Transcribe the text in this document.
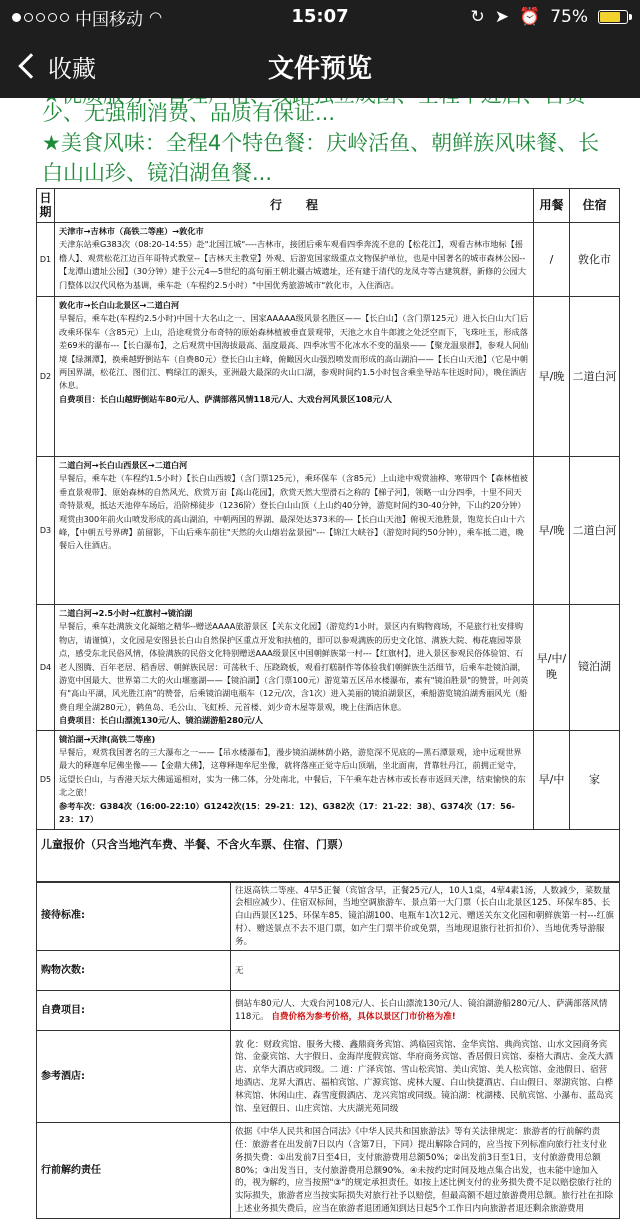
中国移动 ◠	15:07	↻ ➤ ⏰ 75%
收藏	文件预览
少、无强制消费、品质有保证...
★美食风味：全程4个特色餐：庆岭活鱼、朝鲜族风味餐、长白山山珍、镜泊湖鱼餐...
日期	行　　程	用餐	住宿
D1	天津市→吉林市（高铁二等座）→敦化市
天津东站乘G383次（08:20-14:55）赴"北国江城"----吉林市，接团后乘车观看四季奔流不息的【松花江】，观看吉林市地标【摇橹人】、观赏松花江边百年哥特式教堂--【吉林天主教堂】外观、后游览国家级重点文物保护单位，也是中国著名的城市森林公园--【龙潭山遗址公园】（30分钟）建于公元4—5世纪的高句丽王朝北疆古城遗址，还有建于清代的龙凤寺等古建筑群，新修的公园大门整体以汉代风格为基调，乘车赴（车程约2.5小时）"中国优秀旅游城市"敦化市，入住酒店。	/	敦化市
D2	敦化市→长白山北景区→二道白河
早餐后，乘车赴(车程约2.5小时)中国十大名山之一、国家AAAAA级风景名胜区——【长白山】（含门票125元）进入长白山大门后改乘环保车（含85元）上山，沿途观赏分布奇特的原始森林植被垂直景观带，天池之水自牛郎渡之处泛空而下，飞珠吐玉，形成落差69米的瀑布---【长白瀑布】，之后观赏中国海拔最高、温度最高、四季冰雪不化冰水不变的温泉——【聚龙温泉群】，参观人间仙境【绿渊潭】，换乘越野倒站车（自费80元）登长白山主峰，俯瞰因火山强烈喷发而形成的高山湖泊——【长白山天池】（它是中朝两国界湖，松花江、图们江、鸭绿江的源头，亚洲最大最深的火山口湖，参观时间约1.5小时包含乘坐导站车往返时间），晚住酒店休息。
自费项目：长白山越野倒站车80元/人、萨满部落风情118元/人、大戏台河风景区108元/人	早/晚	二道白河
D3	二道白河→长白山西景区→二道白河
早餐后，乘车赴（车程约1.5小时）【长白山西坡】（含门票125元），乘环保车（含85元）上山途中观赏油桦、寒带四个【森林植被垂直景观带】、原始森林的自然风光、欣赏万亩【高山花园】，欣赏天然大型滑石之称的【梯子河】，领略一山分四季，十里不同天奇特景观，抵达天池停车场后，沿阶梯徒步（1236阶）登长白山山顶（上山约40分钟，游览时间约30-40分钟，下山约20分钟）观赏由300年前火山喷发形成的高山湖泊，中朝两国的界湖、最深处达373米的---【长白山天池】俯视天池胜景，饱览长白山十六峰，【中朝五号界碑】前留影，下山后乘车前往"天然的火山熔岩盆景园"---【锦江大峡谷】（游览时间约50分钟），乘车抵二道，晚餐后入住酒店。	早/晚	二道白河
D4	二道白河→2.5小时→红旗村→镜泊湖
早餐后，乘车赴满族文化凝缩之精华--赠送AAAA旅游景区【关东文化园】（游览约1小时，景区内有购物商场，不是旅行社安排购物店，请谨慎），文化园是安图县长白山自然保护区重点开发和扶植的，即可以参观满族的历史文化馆、满族大院、梅花鹿园等景点，感受东北民俗风情，体验满族的民俗文化特别赠送AAA级景区中国朝鲜族第一村---【红旗村】，进入景区参观民俗体验馆、石老人图腾、百年老居、稻香居、朝鲜族民居：可荡秋千、压跷跷板，观看打糕制作等体验我们朝鲜族生活细节，后乘车赴镜泊湖，游览中国最大、世界第二大的火山堰塞湖——【镜泊湖】（含门票100元）游览第五区吊水楼瀑布，素有"镜泊胜景"的赞誉，叶剑英有"高山平湖，风光胜江南"的赞誉，后乘镜泊湖电瓶车（12元/次，含1次）进入美丽的镜泊湖景区，乘船游览镜泊湖秀丽风光（船费自理全湖280元），鹤鱼岛、毛公山、飞虹桥、元首楼、刘少奇木屋等景观，晚上住酒店休息。
自费项目：长白山漂流130元/人、镜泊湖游船280元/人	早/中/晚	镜泊湖
D5	镜泊湖→天津(高铁二等座)
早餐后，观赏我国著名的三大瀑布之一——【吊水楼瀑布】，漫步镜泊湖林荫小路，游览深不见底的—黑石潭景观，途中远观世界最大的释迦牟尼佛坐像——【金鼎大佛】，这尊释迦牟尼坐像，就将落座正觉寺后山顶端，坐北面南，背靠牡丹江，前拥正觉寺，远望长白山，与香港天坛大佛遥遥相对，实为一佛二体，分处南北，中餐后，下午乘车赴吉林市或长春市返回天津，结束愉快的东北之旅！
参考车次：G384次（16:00-22:10）G1242次(15：29-21：12)、G382次（17：21-22：38）、G374次（17：56-23：17）	早/中	家
儿童报价（只含当地汽车费、半餐、不含火车票、住宿、门票）
接待标准:	往返高铁二等座、4早5正餐（宾馆含早，正餐25元/人，10人1桌，4荤4素1汤，人数减少，菜数量会相应减少）、住宿双标间，当地空调旅游车、景点第一大门票（长白山北景区125、环保车85、长白山西景区125、环保车85、镜泊湖100、电瓶车1次12元、赠送关东文化园和朝鲜族第一村---红旗村）、赠送景点不去不退门票，如产生门票半价或免票，当地现退旅行社折扣价）、当地优秀导游服务。
购物次数:	无
自费项目:	倒站车80元/人、大戏台河108元/人、长白山漂流130元/人、镜泊湖游船280元/人、萨满部落风情118元。 自费价格为参考价格，具体以景区门市价格为准!
参考酒店:	敦 化：财政宾馆、服务大楼、鑫鼎商务宾馆、鸿临园宾馆、金华宾馆、典尚宾馆、山水文园商务宾馆、金豪宾馆、大宇假日、金海岸度假宾馆、华府商务宾馆、香居假日宾馆、泰格大酒店、金茂大酒店、京华大酒店或同级。二 道：广泽宾馆、雪山松宾馆、美山宾馆、美人松宾馆、金池假日、宿营地酒店、龙昇大酒店、福柏宾馆、广源宾馆、虎林大厦、白山快捷酒店、白山假日、翠湖宾馆、白桦林宾馆、休闲山庄、森雪度假酒店、龙兴宾馆或同级。镜泊湖：枕湖楼、民航宾馆、小瀑布、蓝岛宾馆、皇冠假日、山庄宾馆、大庆湖光苑同级
行前解约责任	依据《中华人民共和国合同法》《中华人民共和国旅游法》等有关法律规定：旅游者的行前解约责任：旅游者在出发前7日以内（含第7日，下同）提出解除合同的，应当按下列标准向旅行社支付业务损失费：①出发前7日至4日，支付旅游费用总额50%；②出发前3日至1日，支付旅游费用总额80%；③出发当日，支付旅游费用总额90%。④未按约定时间及地点集合出发，也未能中途加入的，视为解约，应当按照"③"的规定承担责任。如按上述比例支付的业务损失费不足以赔偿旅行社的实际损失，旅游者应当按实际损失对旅行社予以赔偿，但最高额不超过旅游费用总额。旅行社在扣除上述业务损失费后，应当在旅游者退团通知到达日起5个工作日内向旅游者退还剩余旅游费用
